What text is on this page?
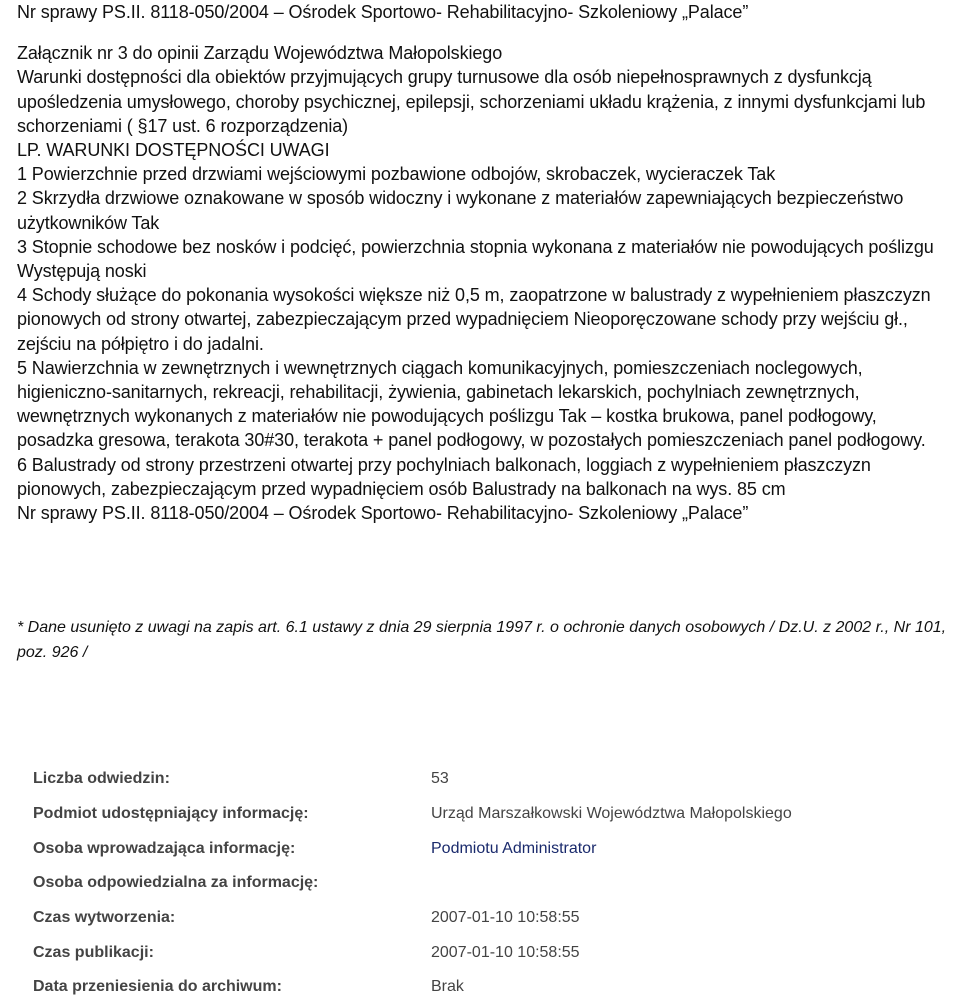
Nr sprawy PS.II. 8118-050/2004 – Ośrodek Sportowo- Rehabilitacyjno- Szkoleniowy „Palace”

Załącznik nr 3 do opinii Zarządu Województwa Małopolskiego

Warunki dostępności dla obiektów przyjmujących grupy turnusowe dla osób niepełnosprawnych z dysfunkcją upośledzenia umysłowego, choroby psychicznej, epilepsji, schorzeniami układu krążenia, z innymi dysfunkcjami lub schorzeniami ( §17 ust. 6 rozporządzenia)

LP. WARUNKI DOSTĘPNOŚCI UWAGI

1 Powierzchnie przed drzwiami wejściowymi pozbawione odbojów, skrobaczek, wycieraczek Tak

2 Skrzydła drzwiowe oznakowane w sposób widoczny i wykonane z materiałów zapewniających bezpieczeństwo użytkowników Tak

3 Stopnie schodowe bez nosków i podcięć, powierzchnia stopnia wykonana z materiałów nie powodujących poślizgu Występują noski

4 Schody służące do pokonania wysokości większe niż 0,5 m, zaopatrzone w balustrady z wypełnieniem płaszczyzn pionowych od strony otwartej, zabezpieczającym przed wypadnięciem Nieoporęczowane schody przy wejściu gł., zejściu na półpiętro i do jadalni.

5 Nawierzchnia w zewnętrznych i wewnętrznych ciągach komunikacyjnych, pomieszczeniach noclegowych, higieniczno-sanitarnych, rekreacji, rehabilitacji, żywienia, gabinetach lekarskich, pochylniach zewnętrznych, wewnętrznych wykonanych z materiałów nie powodujących poślizgu Tak – kostka brukowa, panel podłogowy, posadzka gresowa, terakota 30#30, terakota + panel podłogowy, w pozostałych pomieszczeniach panel podłogowy.

6 Balustrady od strony przestrzeni otwartej przy pochylniach balkonach, loggiach z wypełnieniem płaszczyzn pionowych, zabezpieczającym przed wypadnięciem osób Balustrady na balkonach na wys. 85 cm

Nr sprawy PS.II. 8118-050/2004 – Ośrodek Sportowo- Rehabilitacyjno- Szkoleniowy „Palace”

* Dane usunięto z uwagi na zapis art. 6.1 ustawy z dnia 29 sierpnia 1997 r. o ochronie danych osobowych / Dz.U. z 2002 r., Nr 101, poz. 926 /

Liczba odwiedzin:	53
Podmiot udostępniający informację:	Urząd Marszałkowski Województwa Małopolskiego
Osoba wprowadzająca informację:	Podmiotu Administrator
Osoba odpowiedzialna za informację:	
Czas wytworzenia:	2007-01-10 10:58:55
Czas publikacji:	2007-01-10 10:58:55
Data przeniesienia do archiwum:	Brak
